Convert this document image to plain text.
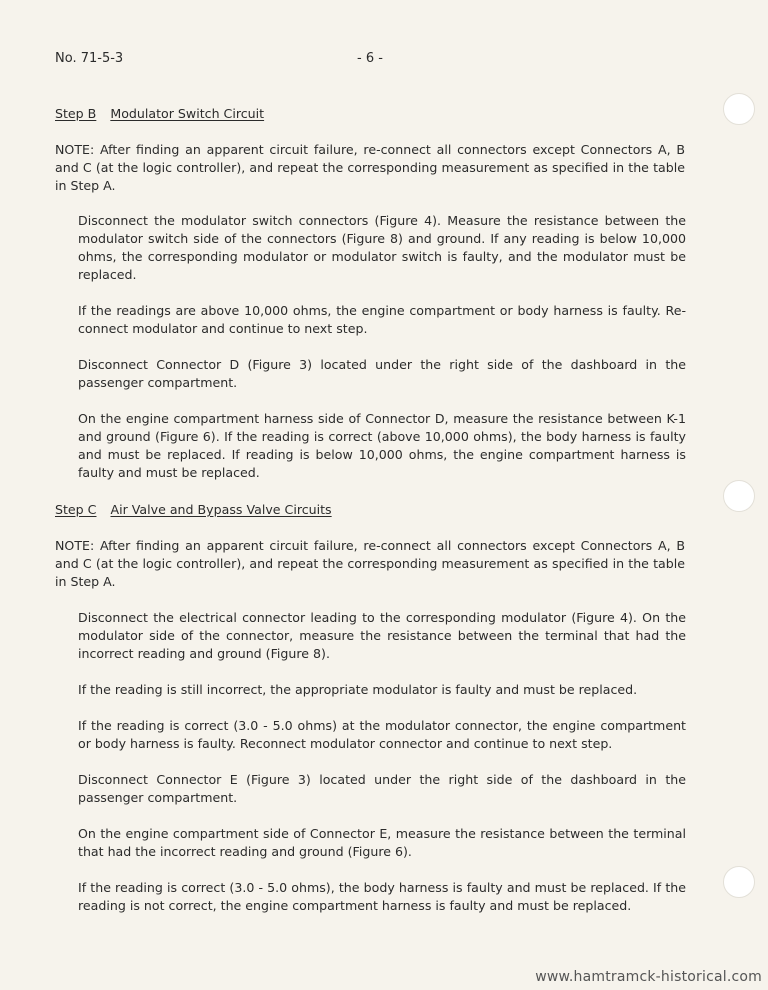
No. 71-5-3	- 6 -
Step B Modulator Switch Circuit
NOTE: After finding an apparent circuit failure, re-connect all connectors except Connectors A, B and C (at the logic controller), and repeat the corresponding measurement as specified in the table in Step A.
Disconnect the modulator switch connectors (Figure 4). Measure the resistance between the modulator switch side of the connectors (Figure 8) and ground. If any reading is below 10,000 ohms, the corresponding modulator or modulator switch is faulty, and the modulator must be replaced.
If the readings are above 10,000 ohms, the engine compartment or body harness is faulty. Re-connect modulator and continue to next step.
Disconnect Connector D (Figure 3) located under the right side of the dashboard in the passenger compartment.
On the engine compartment harness side of Connector D, measure the resistance between K-1 and ground (Figure 6). If the reading is correct (above 10,000 ohms), the body harness is faulty and must be replaced. If reading is below 10,000 ohms, the engine compartment harness is faulty and must be replaced.
Step C Air Valve and Bypass Valve Circuits
NOTE: After finding an apparent circuit failure, re-connect all connectors except Connectors A, B and C (at the logic controller), and repeat the corresponding measurement as specified in the table in Step A.
Disconnect the electrical connector leading to the corresponding modulator (Figure 4). On the modulator side of the connector, measure the resistance between the terminal that had the incorrect reading and ground (Figure 8).
If the reading is still incorrect, the appropriate modulator is faulty and must be replaced.
If the reading is correct (3.0 - 5.0 ohms) at the modulator connector, the engine compartment or body harness is faulty. Reconnect modulator connector and continue to next step.
Disconnect Connector E (Figure 3) located under the right side of the dashboard in the passenger compartment.
On the engine compartment side of Connector E, measure the resistance between the terminal that had the incorrect reading and ground (Figure 6).
If the reading is correct (3.0 - 5.0 ohms), the body harness is faulty and must be replaced. If the reading is not correct, the engine compartment harness is faulty and must be replaced.
www.hamtramck-historical.com
